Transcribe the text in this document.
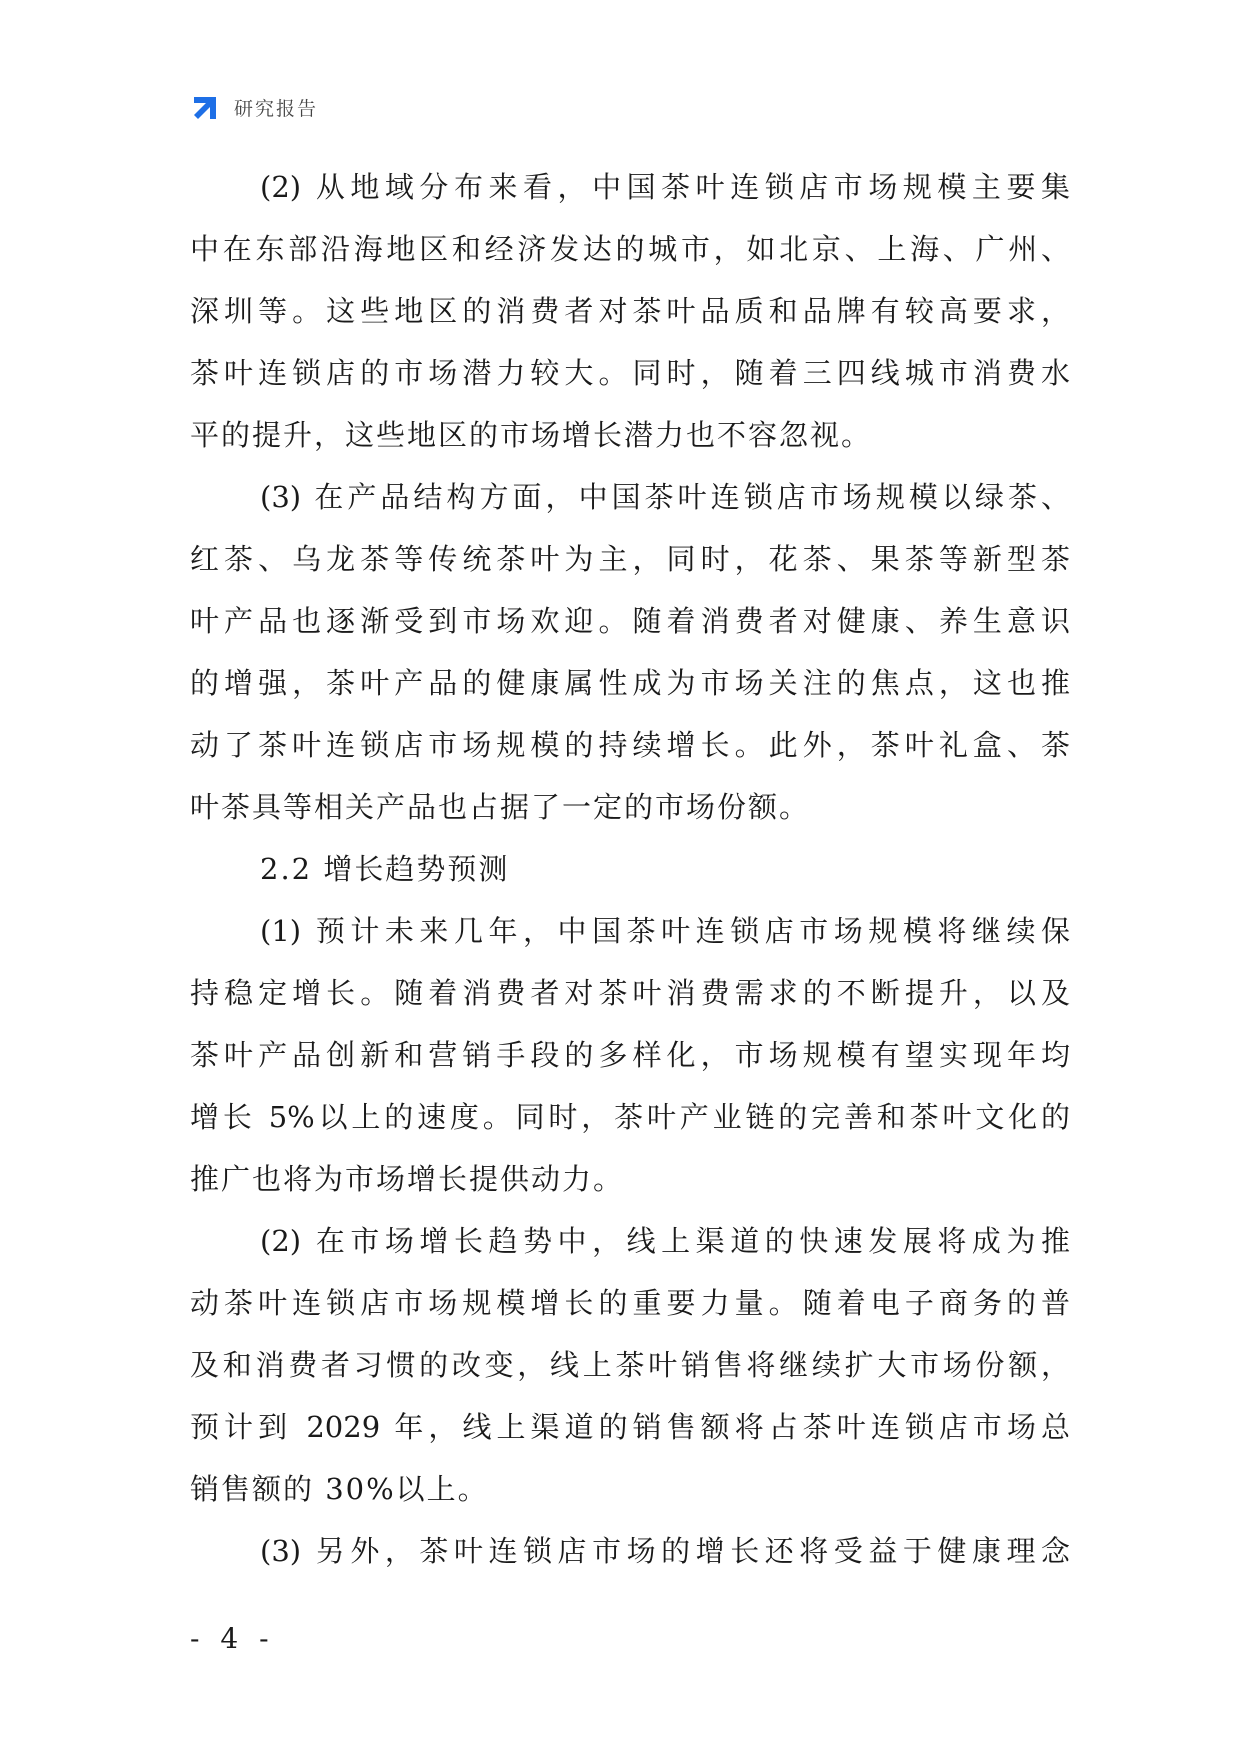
研究报告
(2) 从地域分布来看，中国茶叶连锁店市场规模主要集
中在东部沿海地区和经济发达的城市，如北京、上海、广州、
深圳等。这些地区的消费者对茶叶品质和品牌有较高要求，
茶叶连锁店的市场潜力较大。同时，随着三四线城市消费水
平的提升，这些地区的市场增长潜力也不容忽视。
(3) 在产品结构方面，中国茶叶连锁店市场规模以绿茶、
红茶、乌龙茶等传统茶叶为主，同时，花茶、果茶等新型茶
叶产品也逐渐受到市场欢迎。随着消费者对健康、养生意识
的增强，茶叶产品的健康属性成为市场关注的焦点，这也推
动了茶叶连锁店市场规模的持续增长。此外，茶叶礼盒、茶
叶茶具等相关产品也占据了一定的市场份额。
2.2 增长趋势预测
(1) 预计未来几年，中国茶叶连锁店市场规模将继续保
持稳定增长。随着消费者对茶叶消费需求的不断提升，以及
茶叶产品创新和营销手段的多样化，市场规模有望实现年均
增长 5%以上的速度。同时，茶叶产业链的完善和茶叶文化的
推广也将为市场增长提供动力。
(2) 在市场增长趋势中，线上渠道的快速发展将成为推
动茶叶连锁店市场规模增长的重要力量。随着电子商务的普
及和消费者习惯的改变，线上茶叶销售将继续扩大市场份额，
预计到 2029 年，线上渠道的销售额将占茶叶连锁店市场总
销售额的 30%以上。
(3) 另外，茶叶连锁店市场的增长还将受益于健康理念
- 4 -
